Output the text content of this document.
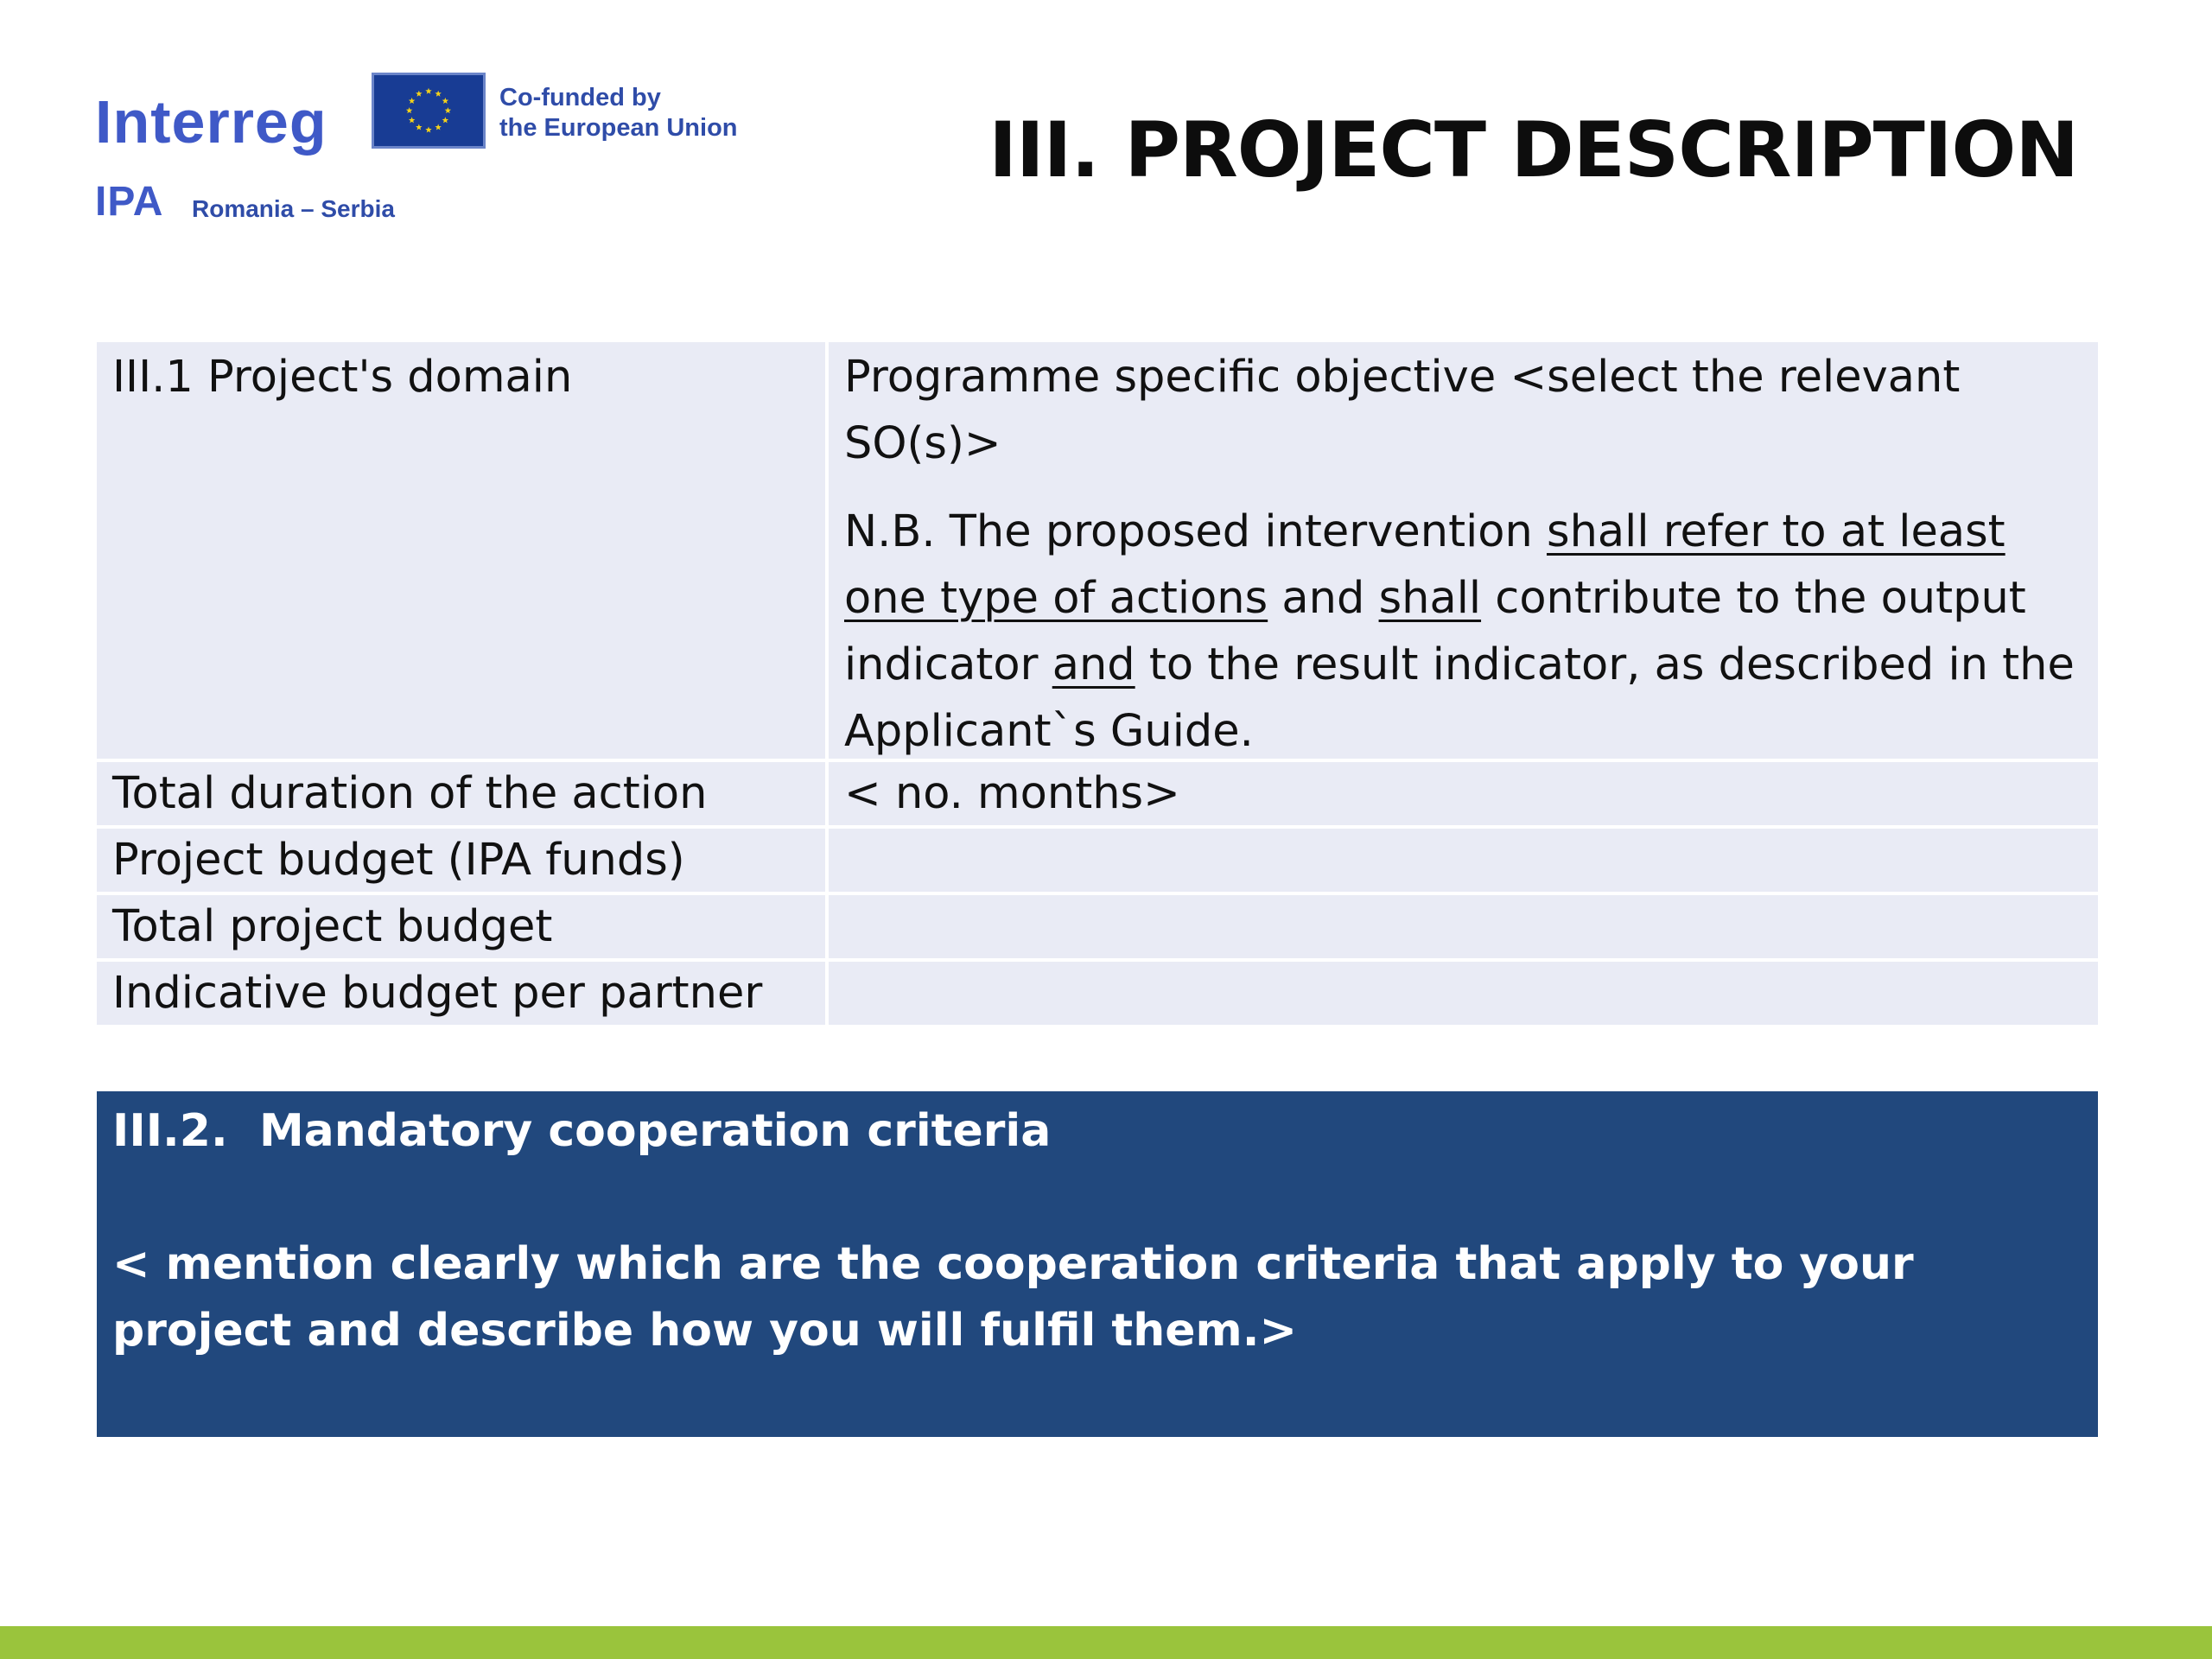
Interreg	Co-funded by
the European Union
IPA Romania – Serbia
III. PROJECT DESCRIPTION
III.1 Project's domain	Programme specific objective <select the relevant SO(s)>

N.B. The proposed intervention shall refer to at least one type of actions and shall contribute to the output indicator and to the result indicator, as described in the Applicant`s Guide.

Total duration of the action	< no. months>
Project budget (IPA funds)
Total project budget
Indicative budget per partner

III.2.  Mandatory cooperation criteria

< mention clearly which are the cooperation criteria that apply to your project and describe how you will fulfil them.>
